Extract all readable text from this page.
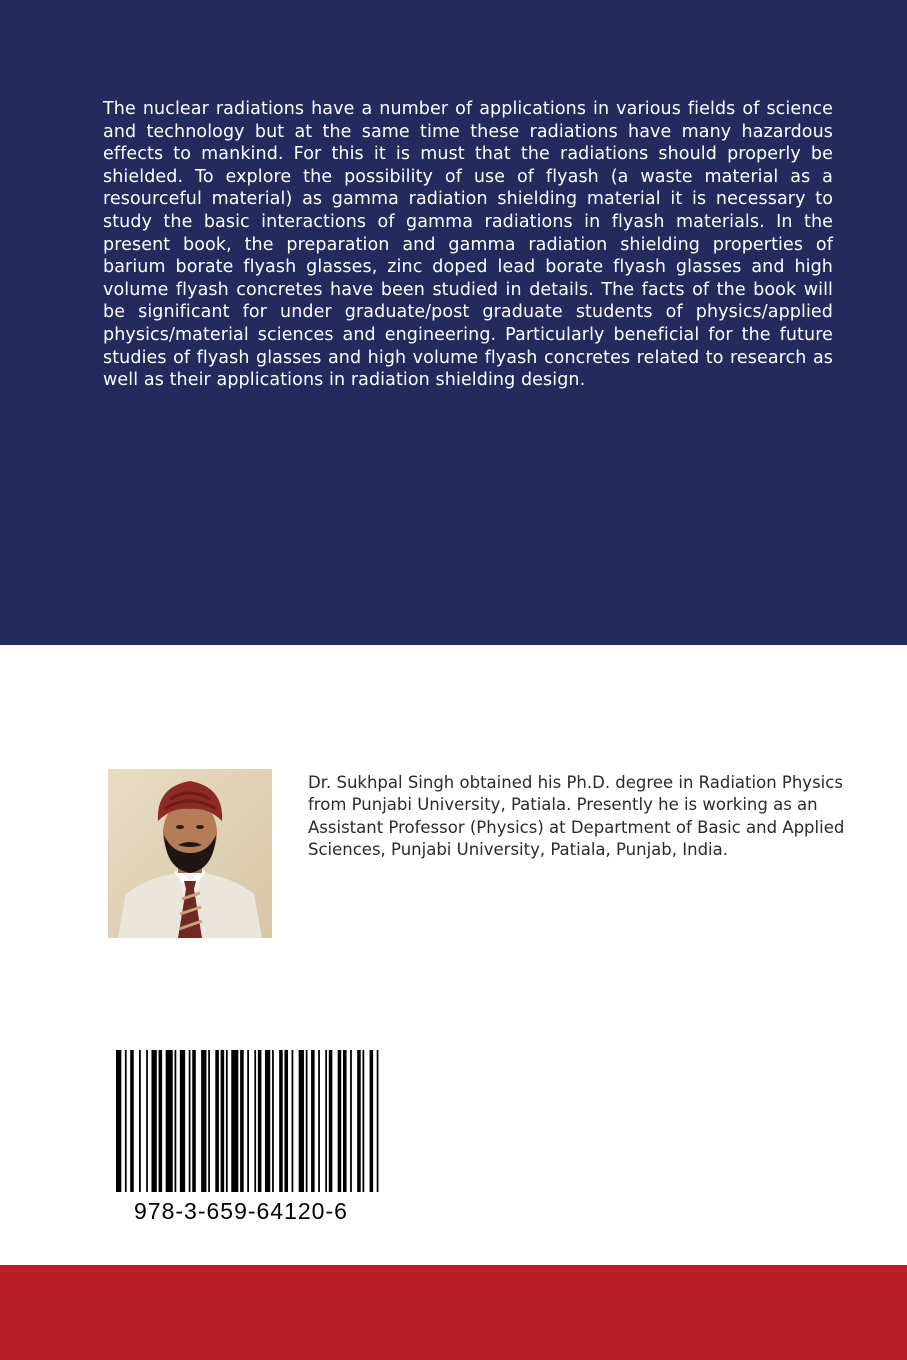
The nuclear radiations have a number of applications in various fields of science and technology but at the same time these radiations have many hazardous effects to mankind. For this it is must that the radiations should properly be shielded. To explore the possibility of use of flyash (a waste material as a resourceful material) as gamma radiation shielding material it is necessary to study the basic interactions of gamma radiations in flyash materials. In the present book, the preparation and gamma radiation shielding properties of barium borate flyash glasses, zinc doped lead borate flyash glasses and high volume flyash concretes have been studied in details. The facts of the book will be significant for under graduate/post graduate students of physics/applied physics/material sciences and engineering. Particularly beneficial for the future studies of flyash glasses and high volume flyash concretes related to research as well as their applications in radiation shielding design.

Dr. Sukhpal Singh obtained his Ph.D. degree in Radiation Physics from Punjabi University, Patiala. Presently he is working as an Assistant Professor (Physics) at Department of Basic and Applied Sciences, Punjabi University, Patiala, Punjab, India.

978-3-659-64120-6
